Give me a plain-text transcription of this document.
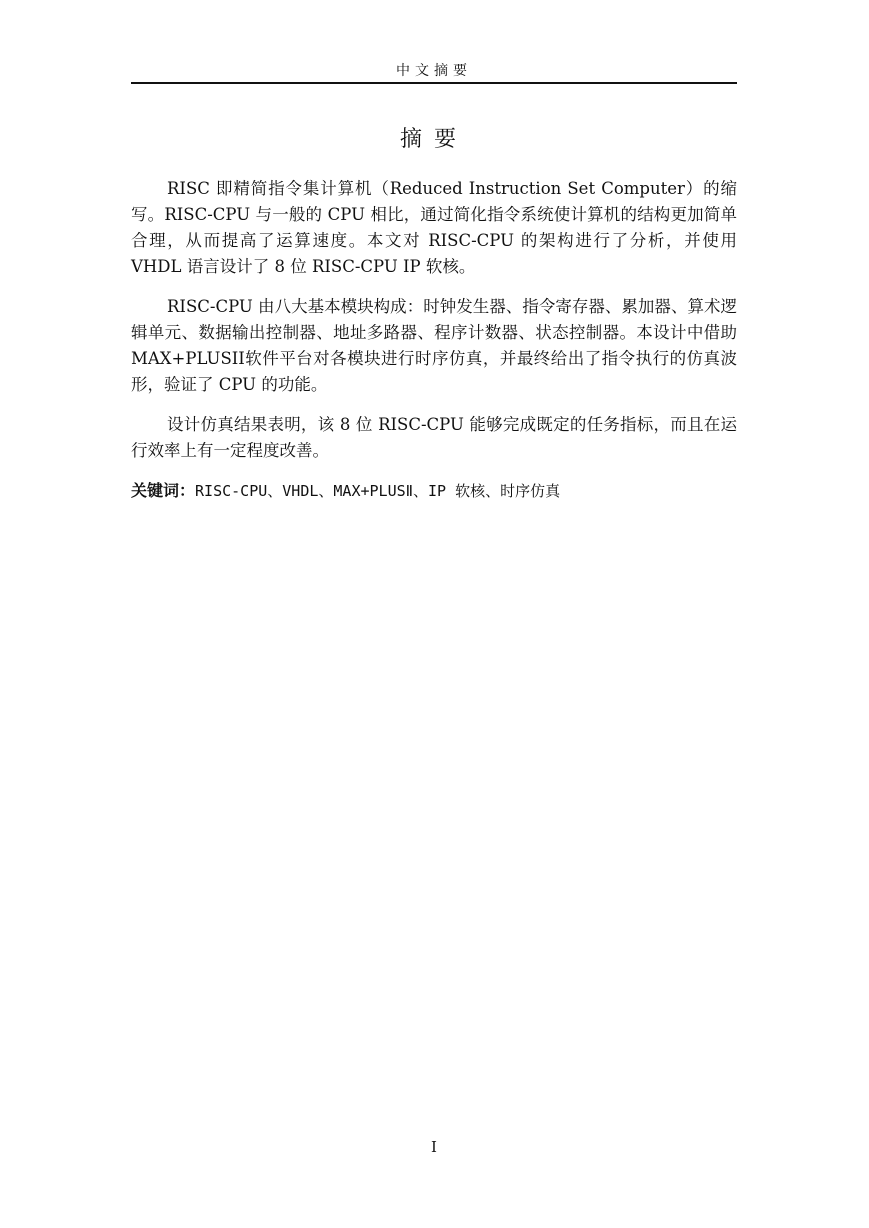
中文摘要
摘要

RISC 即精简指令集计算机（Reduced Instruction Set Computer）的缩写。RISC-CPU 与一般的 CPU 相比，通过简化指令系统使计算机的结构更加简单合理，从而提高了运算速度。本文对 RISC-CPU 的架构进行了分析，并使用 VHDL 语言设计了 8 位 RISC-CPU IP 软核。

RISC-CPU 由八大基本模块构成：时钟发生器、指令寄存器、累加器、算术逻辑单元、数据输出控制器、地址多路器、程序计数器、状态控制器。本设计中借助 MAX+PLUSII软件平台对各模块进行时序仿真，并最终给出了指令执行的仿真波形，验证了 CPU 的功能。

设计仿真结果表明，该 8 位 RISC-CPU 能够完成既定的任务指标，而且在运行效率上有一定程度改善。

关键词：RISC-CPU、VHDL、MAX+PLUSⅡ、IP 软核、时序仿真

I
